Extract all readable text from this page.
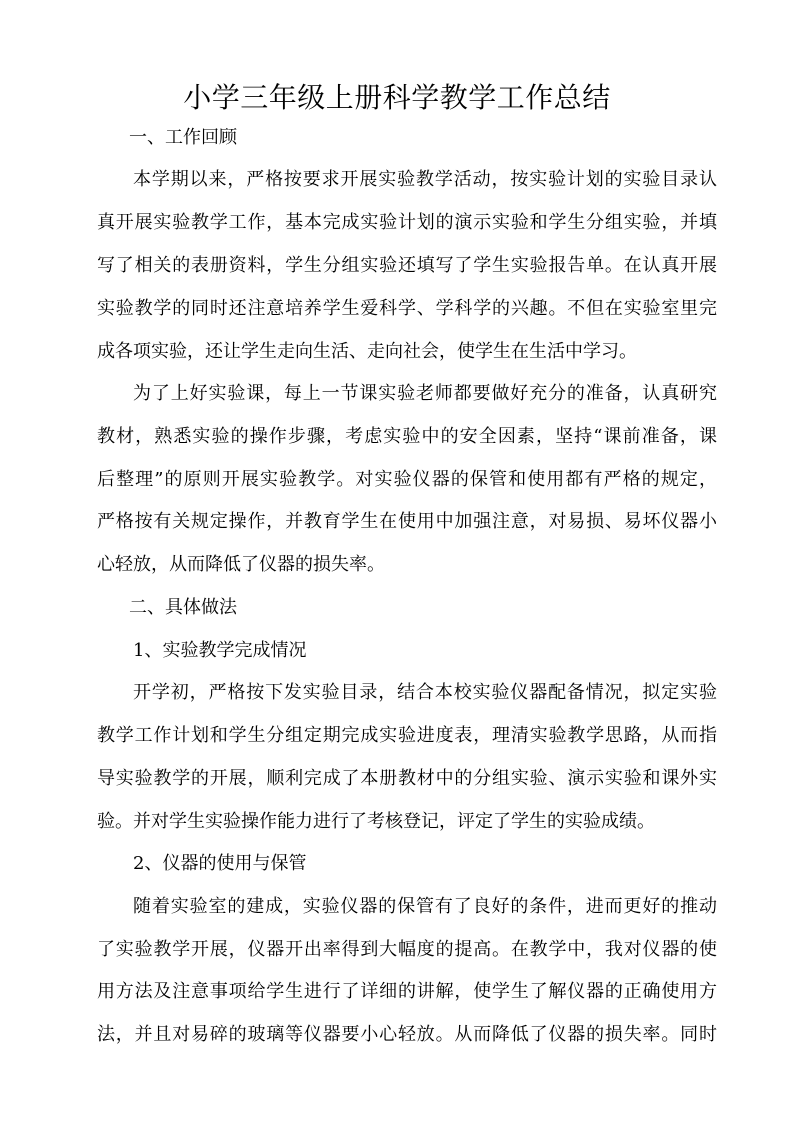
小学三年级上册科学教学工作总结
一、工作回顾
本学期以来，严格按要求开展实验教学活动，按实验计划的实验目录认
真开展实验教学工作，基本完成实验计划的演示实验和学生分组实验，并填
写了相关的表册资料，学生分组实验还填写了学生实验报告单。在认真开展
实验教学的同时还注意培养学生爱科学、学科学的兴趣。不但在实验室里完
成各项实验，还让学生走向生活、走向社会，使学生在生活中学习。
为了上好实验课，每上一节课实验老师都要做好充分的准备，认真研究
教材，熟悉实验的操作步骤，考虑实验中的安全因素，坚持“课前准备，课
后整理”的原则开展实验教学。对实验仪器的保管和使用都有严格的规定，
严格按有关规定操作，并教育学生在使用中加强注意，对易损、易坏仪器小
心轻放，从而降低了仪器的损失率。
二、具体做法
1、实验教学完成情况
开学初，严格按下发实验目录，结合本校实验仪器配备情况，拟定实验
教学工作计划和学生分组定期完成实验进度表，理清实验教学思路，从而指
导实验教学的开展，顺利完成了本册教材中的分组实验、演示实验和课外实
验。并对学生实验操作能力进行了考核登记，评定了学生的实验成绩。
2、仪器的使用与保管
随着实验室的建成，实验仪器的保管有了良好的条件，进而更好的推动
了实验教学开展，仪器开出率得到大幅度的提高。在教学中，我对仪器的使
用方法及注意事项给学生进行了详细的讲解，使学生了解仪器的正确使用方
法，并且对易碎的玻璃等仪器要小心轻放。从而降低了仪器的损失率。同时
